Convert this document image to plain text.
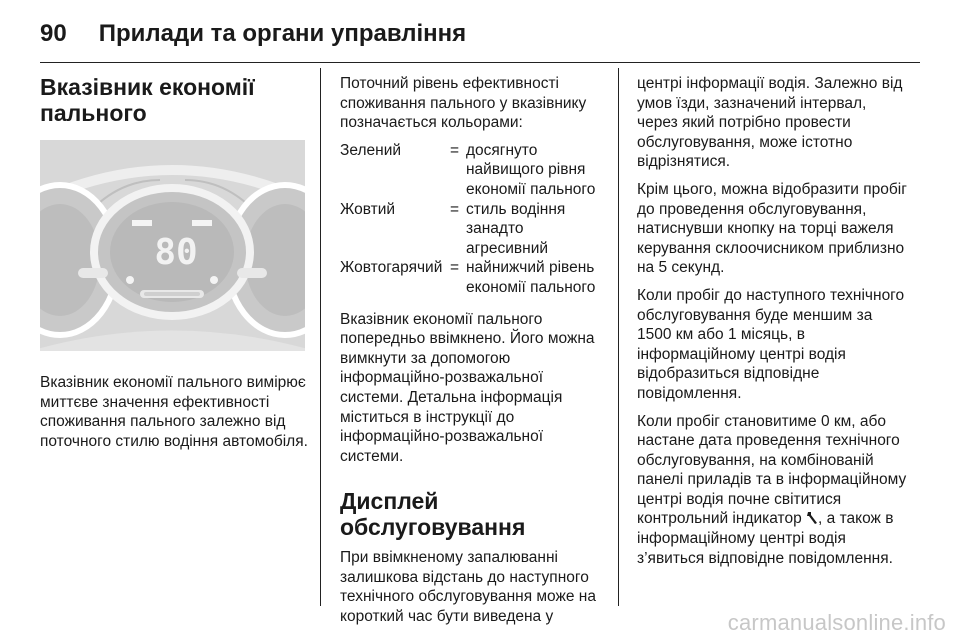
90 Прилади та органи управління
Вказівник економії пального
80

Вказівник економії пального вимірює миттєве значення ефективності споживання пального залежно від поточного стилю водіння автомобіля.

Поточний рівень ефективності споживання пального у вказівнику позначається кольорами:

Зелений	= досягнуто найвищого рівня економії пального
Жовтий	= стиль водіння занадто агресивний
Жовтогарячий = найнижчий рівень економії пального

Вказівник економії пального попередньо ввімкнено. Його можна вимкнути за допомогою інформаційно-розважальної системи. Детальна інформація міститься в інструкції до інформаційно-розважальної системи.

Дисплей обслуговування

При ввімкненому запалюванні залишкова відстань до наступного технічного обслуговування може на короткий час бути виведена у

центрі інформації водія. Залежно від умов їзди, зазначений інтервал, через який потрібно провести обслуговування, може істотно відрізнятися.

Крім цього, можна відобразити пробіг до проведення обслуговування, натиснувши кнопку на торці важеля керування склоочисником приблизно на 5 секунд.

Коли пробіг до наступного технічного обслуговування буде меншим за 1500 км або 1 місяць, в інформаційному центрі водія відобразиться відповідне повідомлення.

Коли пробіг становитиме 0 км, або настане дата проведення технічного обслуговування, на комбінованій панелі приладів та в інформаційному центрі водія почне світитися контрольний індикатор , а також в інформаційному центрі водія з’явиться відповідне повідомлення.

carmanualsonline.info
